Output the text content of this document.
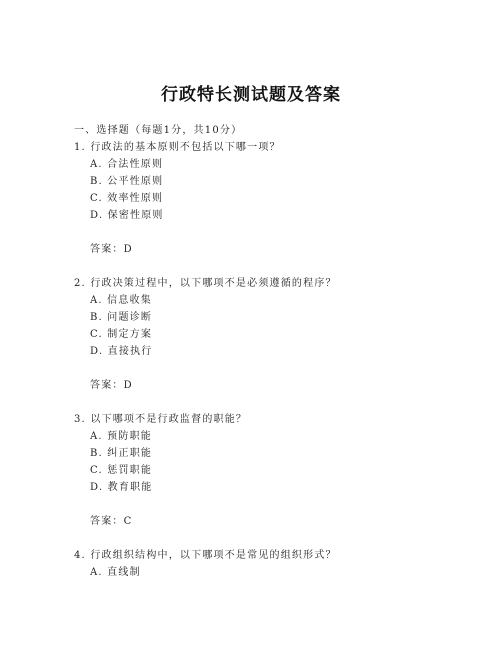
行政特长测试题及答案
一、选择题（每题1分，共10分）
1. 行政法的基本原则不包括以下哪一项？
A. 合法性原则
B. 公平性原则
C. 效率性原则
D. 保密性原则
答案：D
2. 行政决策过程中，以下哪项不是必须遵循的程序？
A. 信息收集
B. 问题诊断
C. 制定方案
D. 直接执行
答案：D
3. 以下哪项不是行政监督的职能？
A. 预防职能
B. 纠正职能
C. 惩罚职能
D. 教育职能
答案：C
4. 行政组织结构中，以下哪项不是常见的组织形式？
A. 直线制
